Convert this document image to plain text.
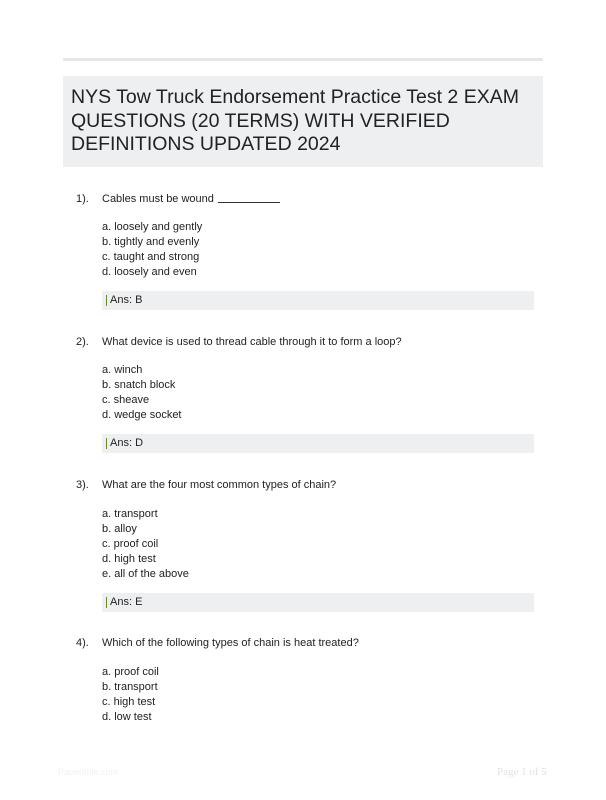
NYS Tow Truck Endorsement Practice Test 2 EXAM QUESTIONS (20 TERMS) WITH VERIFIED DEFINITIONS UPDATED 2024
1). Cables must be wound
a. loosely and gently
b. tightly and evenly
c. taught and strong
d. loosely and even
Ans: B
2). What device is used to thread cable through it to form a loop?
a. winch
b. snatch block
c. sheave
d. wedge socket
Ans: D
3). What are the four most common types of chain?
a. transport
b. alloy
c. proof coil
d. high test
e. all of the above
Ans: E
4). Which of the following types of chain is heat treated?
a. proof coil
b. transport
c. high test
d. low test
Papertittle.com	Page 1 of 5
